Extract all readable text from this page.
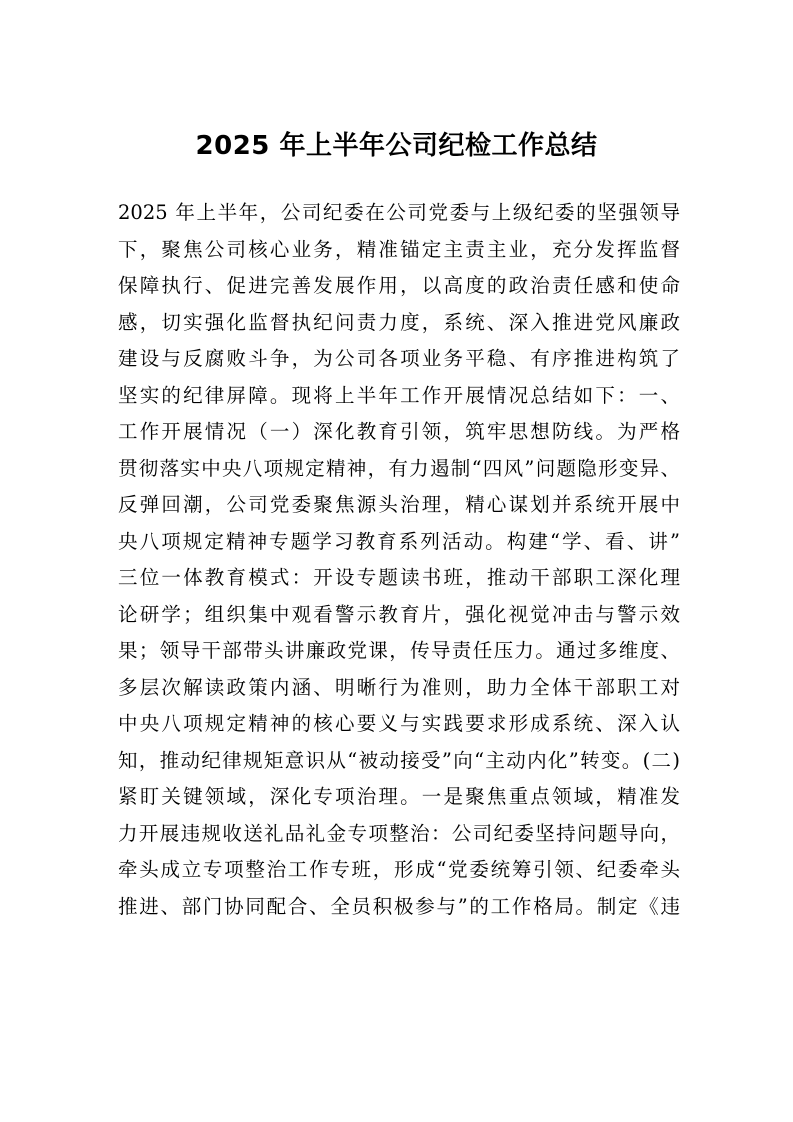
2025 年上半年公司纪检工作总结
2025 年上半年，公司纪委在公司党委与上级纪委的坚强领导
下，聚焦公司核心业务，精准锚定主责主业，充分发挥监督
保障执行、促进完善发展作用，以高度的政治责任感和使命
感，切实强化监督执纪问责力度，系统、深入推进党风廉政
建设与反腐败斗争，为公司各项业务平稳、有序推进构筑了
坚实的纪律屏障。现将上半年工作开展情况总结如下：一、
工作开展情况（一）深化教育引领，筑牢思想防线。为严格
贯彻落实中央八项规定精神，有力遏制“四风”问题隐形变异、
反弹回潮，公司党委聚焦源头治理，精心谋划并系统开展中
央八项规定精神专题学习教育系列活动。构建“学、看、讲”
三位一体教育模式：开设专题读书班，推动干部职工深化理
论研学；组织集中观看警示教育片，强化视觉冲击与警示效
果；领导干部带头讲廉政党课，传导责任压力。通过多维度、
多层次解读政策内涵、明晰行为准则，助力全体干部职工对
中央八项规定精神的核心要义与实践要求形成系统、深入认
知，推动纪律规矩意识从“被动接受”向“主动内化”转变。(二)
紧盯关键领域，深化专项治理。一是聚焦重点领域，精准发
力开展违规收送礼品礼金专项整治：公司纪委坚持问题导向，
牵头成立专项整治工作专班，形成“党委统筹引领、纪委牵头
推进、部门协同配合、全员积极参与”的工作格局。制定《违
